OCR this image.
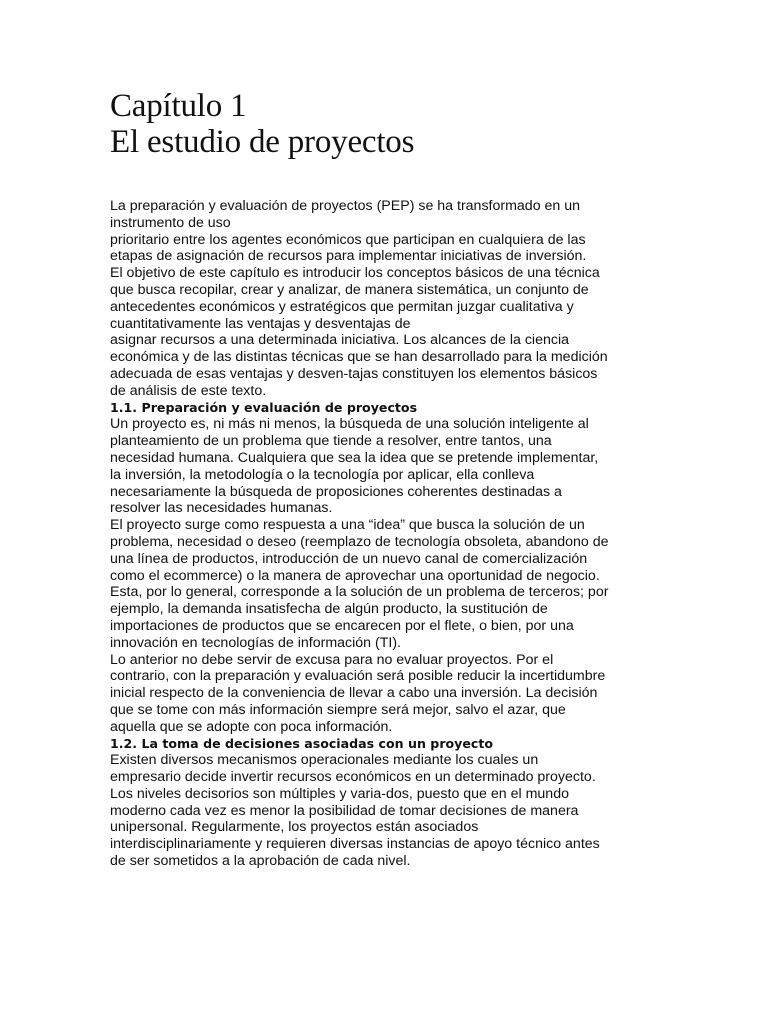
Capítulo 1
El estudio de proyectos
La preparación y evaluación de proyectos (PEP) se ha transformado en un
instrumento de uso
prioritario entre los agentes económicos que participan en cualquiera de las
etapas de asignación de recursos para implementar iniciativas de inversión.
El objetivo de este capítulo es introducir los conceptos básicos de una técnica
que busca recopilar, crear y analizar, de manera sistemática, un conjunto de
antecedentes económicos y estratégicos que permitan juzgar cualitativa y
cuantitativamente las ventajas y desventajas de
asignar recursos a una determinada iniciativa. Los alcances de la ciencia
económica y de las distintas técnicas que se han desarrollado para la medición
adecuada de esas ventajas y desven-tajas constituyen los elementos básicos
de análisis de este texto.
1.1. Preparación y evaluación de proyectos
Un proyecto es, ni más ni menos, la búsqueda de una solución inteligente al
planteamiento de un problema que tiende a resolver, entre tantos, una
necesidad humana. Cualquiera que sea la idea que se pretende implementar,
la inversión, la metodología o la tecnología por aplicar, ella conlleva
necesariamente la búsqueda de proposiciones coherentes destinadas a
resolver las necesidades humanas.
El proyecto surge como respuesta a una “idea” que busca la solución de un
problema, necesidad o deseo (reemplazo de tecnología obsoleta, abandono de
una línea de productos, introducción de un nuevo canal de comercialización
como el ecommerce) o la manera de aprovechar una oportunidad de negocio.
Esta, por lo general, corresponde a la solución de un problema de terceros; por
ejemplo, la demanda insatisfecha de algún producto, la sustitución de
importaciones de productos que se encarecen por el flete, o bien, por una
innovación en tecnologías de información (TI).
Lo anterior no debe servir de excusa para no evaluar proyectos. Por el
contrario, con la preparación y evaluación será posible reducir la incertidumbre
inicial respecto de la conveniencia de llevar a cabo una inversión. La decisión
que se tome con más información siempre será mejor, salvo el azar, que
aquella que se adopte con poca información.
1.2. La toma de decisiones asociadas con un proyecto
Existen diversos mecanismos operacionales mediante los cuales un
empresario decide invertir recursos económicos en un determinado proyecto.
Los niveles decisorios son múltiples y varia-dos, puesto que en el mundo
moderno cada vez es menor la posibilidad de tomar decisiones de manera
unipersonal. Regularmente, los proyectos están asociados
interdisciplinariamente y requieren diversas instancias de apoyo técnico antes
de ser sometidos a la aprobación de cada nivel.
